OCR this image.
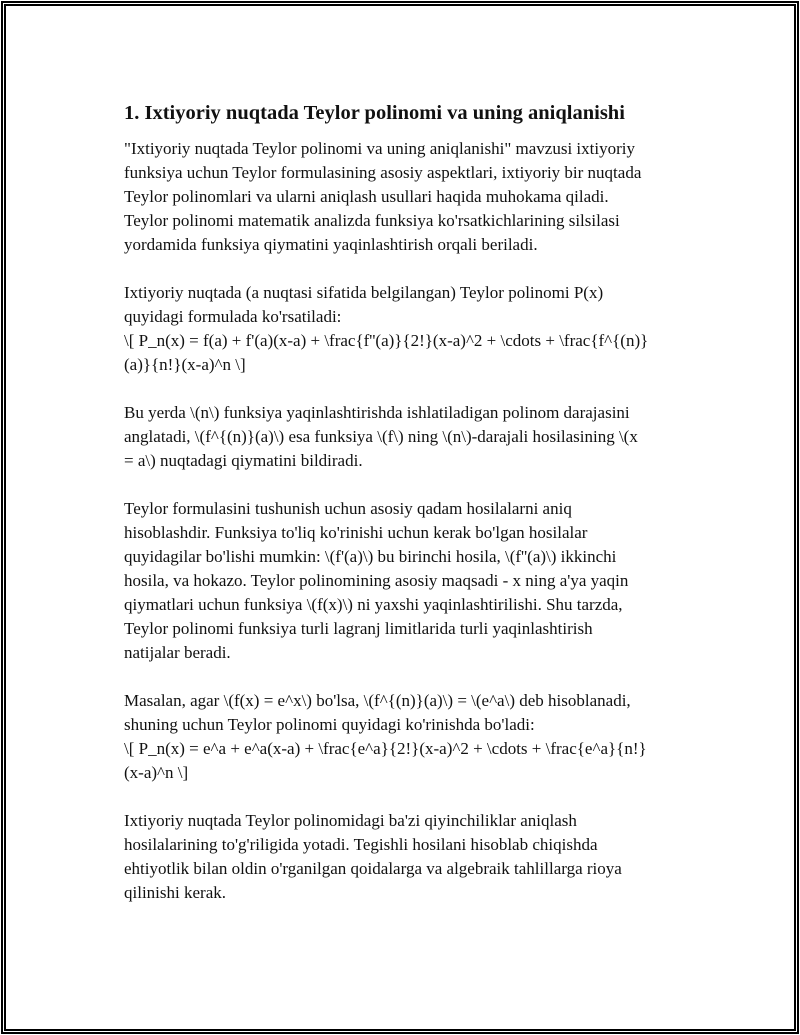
1. Ixtiyoriy nuqtada Teylor polinomi va uning aniqlanishi

"Ixtiyoriy nuqtada Teylor polinomi va uning aniqlanishi" mavzusi ixtiyoriy
funksiya uchun Teylor formulasining asosiy aspektlari, ixtiyoriy bir nuqtada
Teylor polinomlari va ularni aniqlash usullari haqida muhokama qiladi.
Teylor polinomi matematik analizda funksiya ko'rsatkichlarining silsilasi
yordamida funksiya qiymatini yaqinlashtirish orqali beriladi.

Ixtiyoriy nuqtada (a nuqtasi sifatida belgilangan) Teylor polinomi P(x)
quyidagi formulada ko'rsatiladi:
\[ P_n(x) = f(a) + f'(a)(x-a) + \frac{f''(a)}{2!}(x-a)^2 + \cdots + \frac{f^{(n)}
(a)}{n!}(x-a)^n \]

Bu yerda \(n\) funksiya yaqinlashtirishda ishlatiladigan polinom darajasini
anglatadi, \(f^{(n)}(a)\) esa funksiya \(f\) ning \(n\)-darajali hosilasining \(x
= a\) nuqtadagi qiymatini bildiradi.

Teylor formulasini tushunish uchun asosiy qadam hosilalarni aniq
hisoblashdir. Funksiya to'liq ko'rinishi uchun kerak bo'lgan hosilalar
quyidagilar bo'lishi mumkin: \(f'(a)\) bu birinchi hosila, \(f''(a)\) ikkinchi
hosila, va hokazo. Teylor polinomining asosiy maqsadi - x ning a'ya yaqin
qiymatlari uchun funksiya \(f(x)\) ni yaxshi yaqinlashtirilishi. Shu tarzda,
Teylor polinomi funksiya turli lagranj limitlarida turli yaqinlashtirish
natijalar beradi.

Masalan, agar \(f(x) = e^x\) bo'lsa, \(f^{(n)}(a)\) = \(e^a\) deb hisoblanadi,
shuning uchun Teylor polinomi quyidagi ko'rinishda bo'ladi:
\[ P_n(x) = e^a + e^a(x-a) + \frac{e^a}{2!}(x-a)^2 + \cdots + \frac{e^a}{n!}
(x-a)^n \]

Ixtiyoriy nuqtada Teylor polinomidagi ba'zi qiyinchiliklar aniqlash
hosilalarining to'g'riligida yotadi. Tegishli hosilani hisoblab chiqishda
ehtiyotlik bilan oldin o'rganilgan qoidalarga va algebraik tahlillarga rioya
qilinishi kerak.
